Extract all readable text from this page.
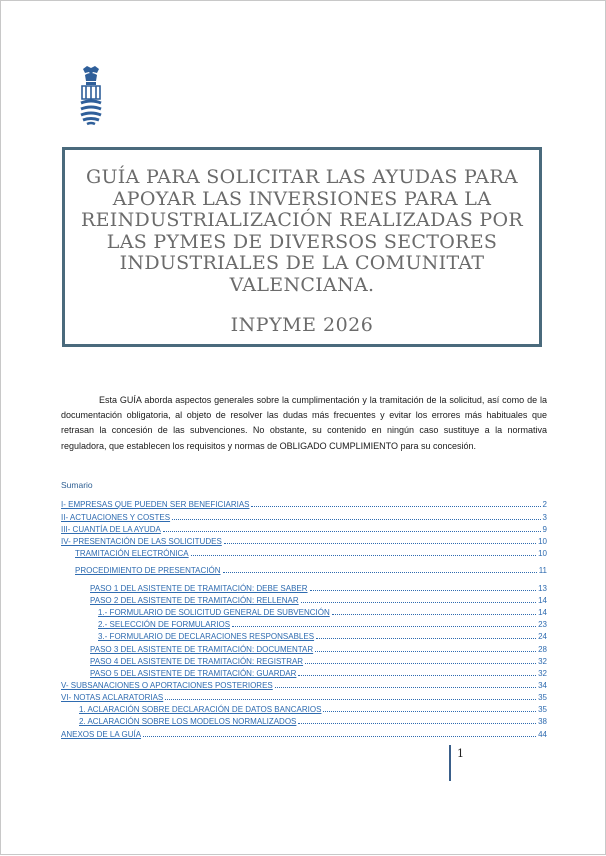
GUÍA PARA SOLICITAR LAS AYUDAS PARA
APOYAR LAS INVERSIONES PARA LA
REINDUSTRIALIZACIÓN REALIZADAS POR
LAS PYMES DE DIVERSOS SECTORES
INDUSTRIALES DE LA COMUNITAT
VALENCIANA.
INPYME 2026
Esta GUÍA aborda aspectos generales sobre la cumplimentación y la tramitación de la solicitud, así como de la documentación obligatoria, al objeto de resolver las dudas más frecuentes y evitar los errores más habituales que retrasan la concesión de las subvenciones. No obstante, su contenido en ningún caso sustituye a la normativa reguladora, que establecen los requisitos y normas de OBLIGADO CUMPLIMIENTO para su concesión.
Sumario
I- EMPRESAS QUE PUEDEN SER BENEFICIARIAS	2
II- ACTUACIONES Y COSTES	3
III- CUANTÍA DE LA AYUDA	9
IV- PRESENTACIÓN DE LAS SOLICITUDES	10
TRAMITACIÓN ELECTRÓNICA	10
PROCEDIMIENTO DE PRESENTACIÓN	11
PASO 1 DEL ASISTENTE DE TRAMITACIÓN: DEBE SABER	13
PASO 2 DEL ASISTENTE DE TRAMITACIÓN: RELLENAR	14
1.- FORMULARIO DE SOLICITUD GENERAL DE SUBVENCIÓN	14
2.- SELECCIÓN DE FORMULARIOS	23
3.- FORMULARIO DE DECLARACIONES RESPONSABLES	24
PASO 3 DEL ASISTENTE DE TRAMITACIÓN: DOCUMENTAR	28
PASO 4 DEL ASISTENTE DE TRAMITACIÓN: REGISTRAR	32
PASO 5 DEL ASISTENTE DE TRAMITACIÓN: GUARDAR	32
V- SUBSANACIONES O APORTACIONES POSTERIORES	34
VI- NOTAS ACLARATORIAS	35
1. ACLARACIÓN SOBRE DECLARACIÓN DE DATOS BANCARIOS	35
2. ACLARACIÓN SOBRE LOS MODELOS NORMALIZADOS	38
ANEXOS DE LA GUÍA	44
1
